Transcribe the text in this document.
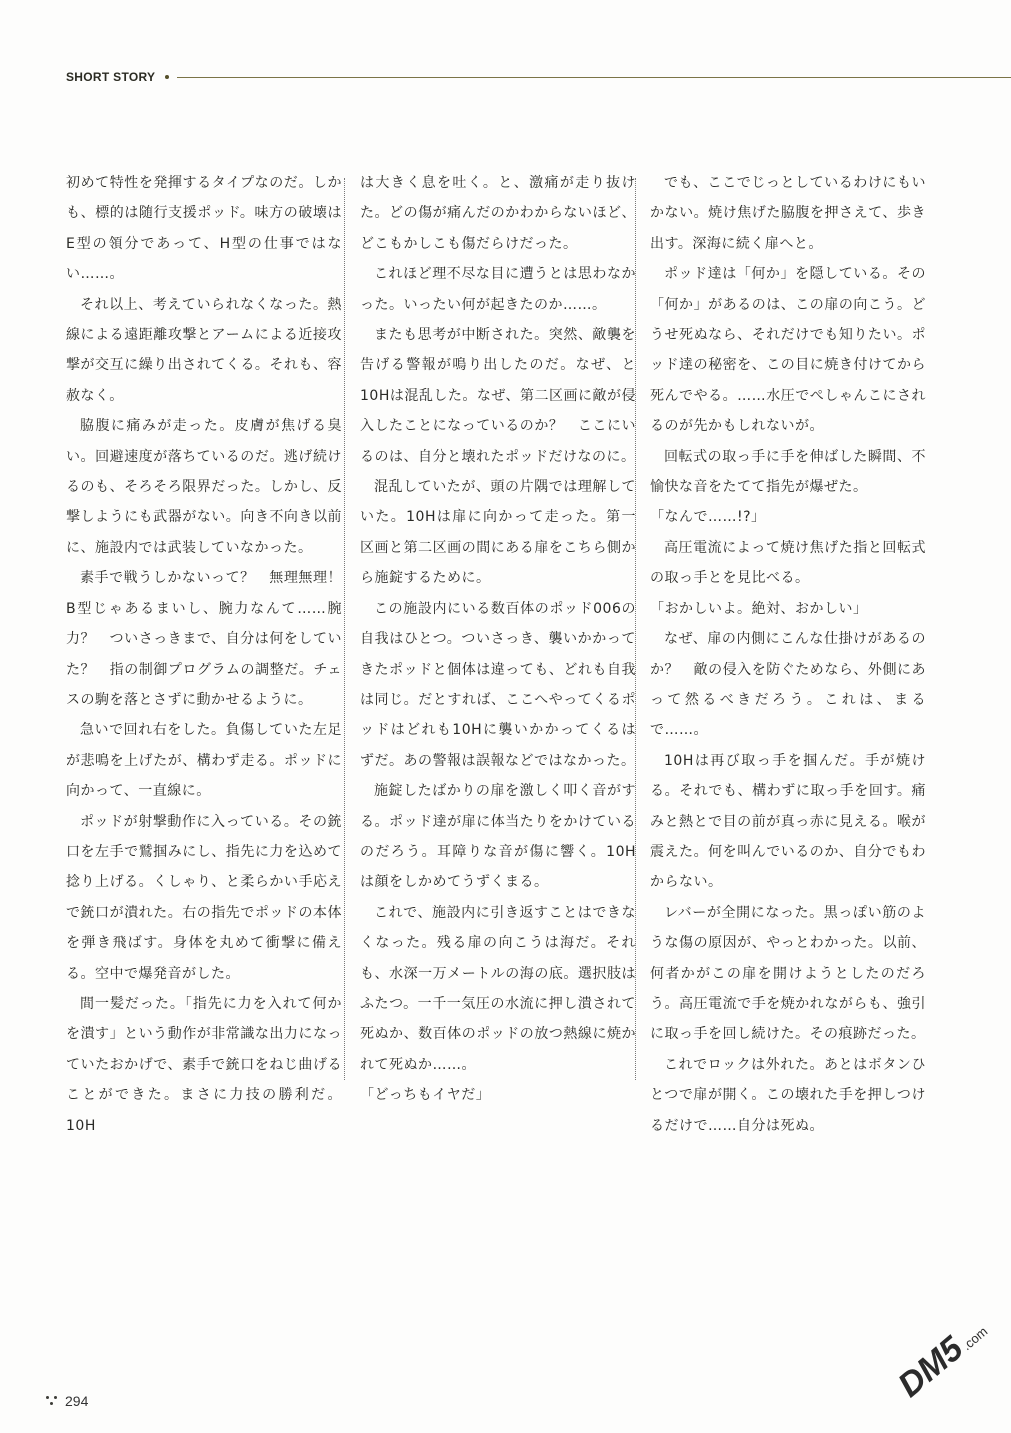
SHORT STORY

初めて特性を発揮するタイプなのだ。しかも、標的は随行支援ポッド。味方の破壊はE型の領分であって、H型の仕事ではない……。

それ以上、考えていられなくなった。熱線による遠距離攻撃とアームによる近接攻撃が交互に繰り出されてくる。それも、容赦なく。

脇腹に痛みが走った。皮膚が焦げる臭い。回避速度が落ちているのだ。逃げ続けるのも、そろそろ限界だった。しかし、反撃しようにも武器がない。向き不向き以前に、施設内では武装していなかった。

素手で戦うしかないって？　無理無理！　B型じゃあるまいし、腕力なんて……腕力？　ついさっきまで、自分は何をしていた？　指の制御プログラムの調整だ。チェスの駒を落とさずに動かせるように。

急いで回れ右をした。負傷していた左足が悲鳴を上げたが、構わず走る。ポッドに向かって、一直線に。

ポッドが射撃動作に入っている。その銃口を左手で鷲掴みにし、指先に力を込めて捻り上げる。くしゃり、と柔らかい手応えで銃口が潰れた。右の指先でポッドの本体を弾き飛ばす。身体を丸めて衝撃に備える。空中で爆発音がした。

間一髪だった。「指先に力を入れて何かを潰す」という動作が非常識な出力になっていたおかげで、素手で銃口をねじ曲げることができた。まさに力技の勝利だ。10H

は大きく息を吐く。と、激痛が走り抜けた。どの傷が痛んだのかわからないほど、どこもかしこも傷だらけだった。

これほど理不尽な目に遭うとは思わなかった。いったい何が起きたのか……。

またも思考が中断された。突然、敵襲を告げる警報が鳴り出したのだ。なぜ、と10Hは混乱した。なぜ、第二区画に敵が侵入したことになっているのか？　ここにいるのは、自分と壊れたポッドだけなのに。

混乱していたが、頭の片隅では理解していた。10Hは扉に向かって走った。第一区画と第二区画の間にある扉をこちら側から施錠するために。

この施設内にいる数百体のポッド006の自我はひとつ。ついさっき、襲いかかってきたポッドと個体は違っても、どれも自我は同じ。だとすれば、ここへやってくるポッドはどれも10Hに襲いかかってくるはずだ。あの警報は誤報などではなかった。

施錠したばかりの扉を激しく叩く音がする。ポッド達が扉に体当たりをかけているのだろう。耳障りな音が傷に響く。10Hは顔をしかめてうずくまる。

これで、施設内に引き返すことはできなくなった。残る扉の向こうは海だ。それも、水深一万メートルの海の底。選択肢はふたつ。一千一気圧の水流に押し潰されて死ぬか、数百体のポッドの放つ熱線に焼かれて死ぬか……。

「どっちもイヤだ」

でも、ここでじっとしているわけにもいかない。焼け焦げた脇腹を押さえて、歩き出す。深海に続く扉へと。

ポッド達は「何か」を隠している。その「何か」があるのは、この扉の向こう。どうせ死ぬなら、それだけでも知りたい。ポッド達の秘密を、この目に焼き付けてから死んでやる。……水圧でぺしゃんこにされるのが先かもしれないが。

回転式の取っ手に手を伸ばした瞬間、不愉快な音をたてて指先が爆ぜた。

「なんで……!?」

高圧電流によって焼け焦げた指と回転式の取っ手とを見比べる。

「おかしいよ。絶対、おかしい」

なぜ、扉の内側にこんな仕掛けがあるのか？　敵の侵入を防ぐためなら、外側にあって然るべきだろう。これは、まるで……。

10Hは再び取っ手を掴んだ。手が焼ける。それでも、構わずに取っ手を回す。痛みと熱とで目の前が真っ赤に見える。喉が震えた。何を叫んでいるのか、自分でもわからない。

レバーが全開になった。黒っぽい筋のような傷の原因が、やっとわかった。以前、何者かがこの扉を開けようとしたのだろう。高圧電流で手を焼かれながらも、強引に取っ手を回し続けた。その痕跡だった。

これでロックは外れた。あとはボタンひとつで扉が開く。この壊れた手を押しつけるだけで……自分は死ぬ。

294	DM5
.com
